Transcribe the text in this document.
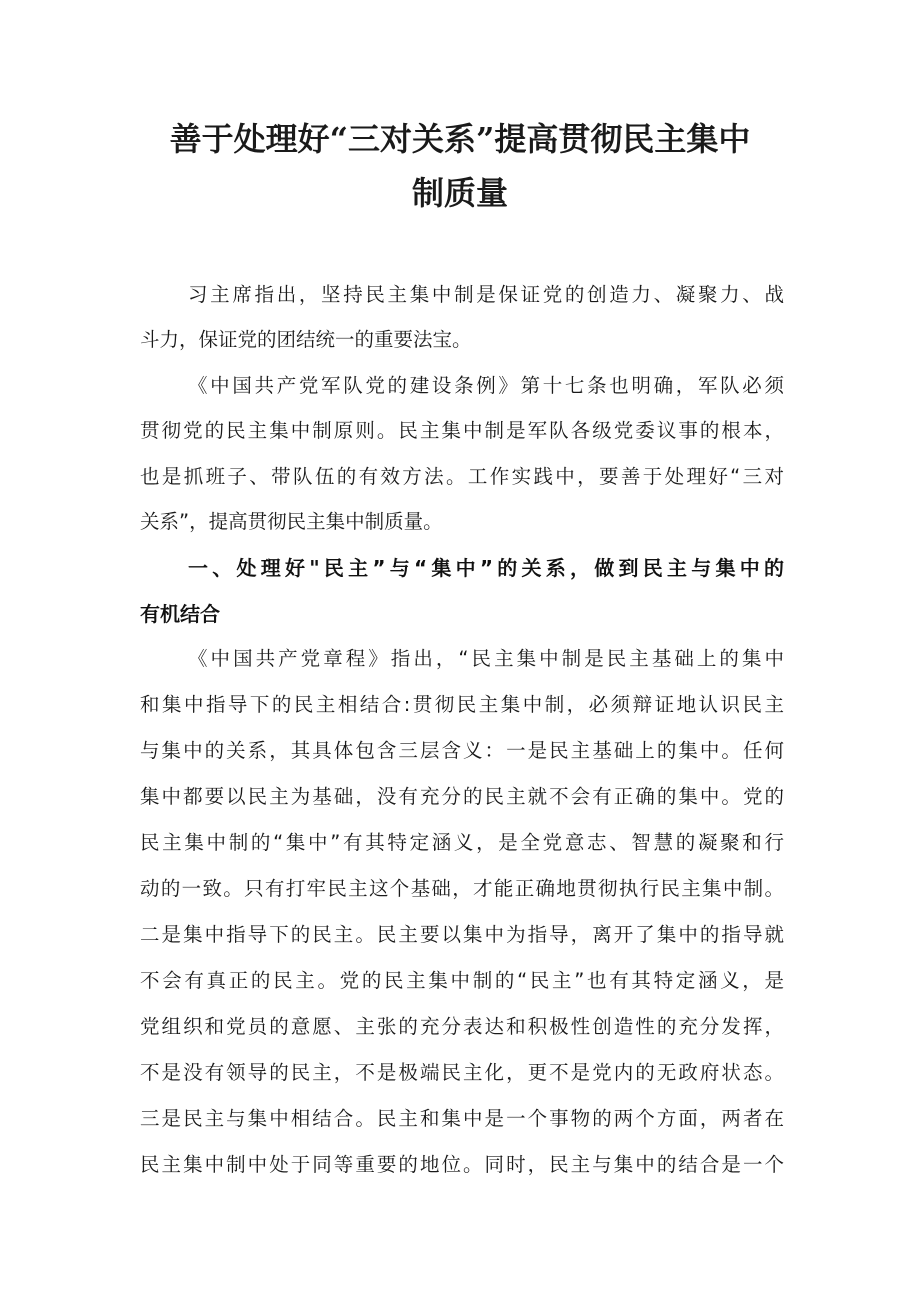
善于处理好“三对关系”提高贯彻民主集中
制质量

习主席指出，坚持民主集中制是保证党的创造力、凝聚力、战

斗力，保证党的团结统一的重要法宝。

《中国共产党军队党的建设条例》第十七条也明确，军队必须

贯彻党的民主集中制原则。民主集中制是军队各级党委议事的根本，

也是抓班子、带队伍的有效方法。工作实践中，要善于处理好“三对

关系”，提高贯彻民主集中制质量。

一、处理好"民主”与“集中”的关系，做到民主与集中的
有机结合

《中国共产党章程》指出，“民主集中制是民主基础上的集中

和集中指导下的民主相结合:贯彻民主集中制，必须辩证地认识民主

与集中的关系，其具体包含三层含义：一是民主基础上的集中。任何

集中都要以民主为基础，没有充分的民主就不会有正确的集中。党的

民主集中制的“集中”有其特定涵义，是全党意志、智慧的凝聚和行

动的一致。只有打牢民主这个基础，才能正确地贯彻执行民主集中制。

二是集中指导下的民主。民主要以集中为指导，离开了集中的指导就

不会有真正的民主。党的民主集中制的“民主”也有其特定涵义，是

党组织和党员的意愿、主张的充分表达和积极性创造性的充分发挥，

不是没有领导的民主，不是极端民主化，更不是党内的无政府状态。

三是民主与集中相结合。民主和集中是一个事物的两个方面，两者在

民主集中制中处于同等重要的地位。同时，民主与集中的结合是一个
